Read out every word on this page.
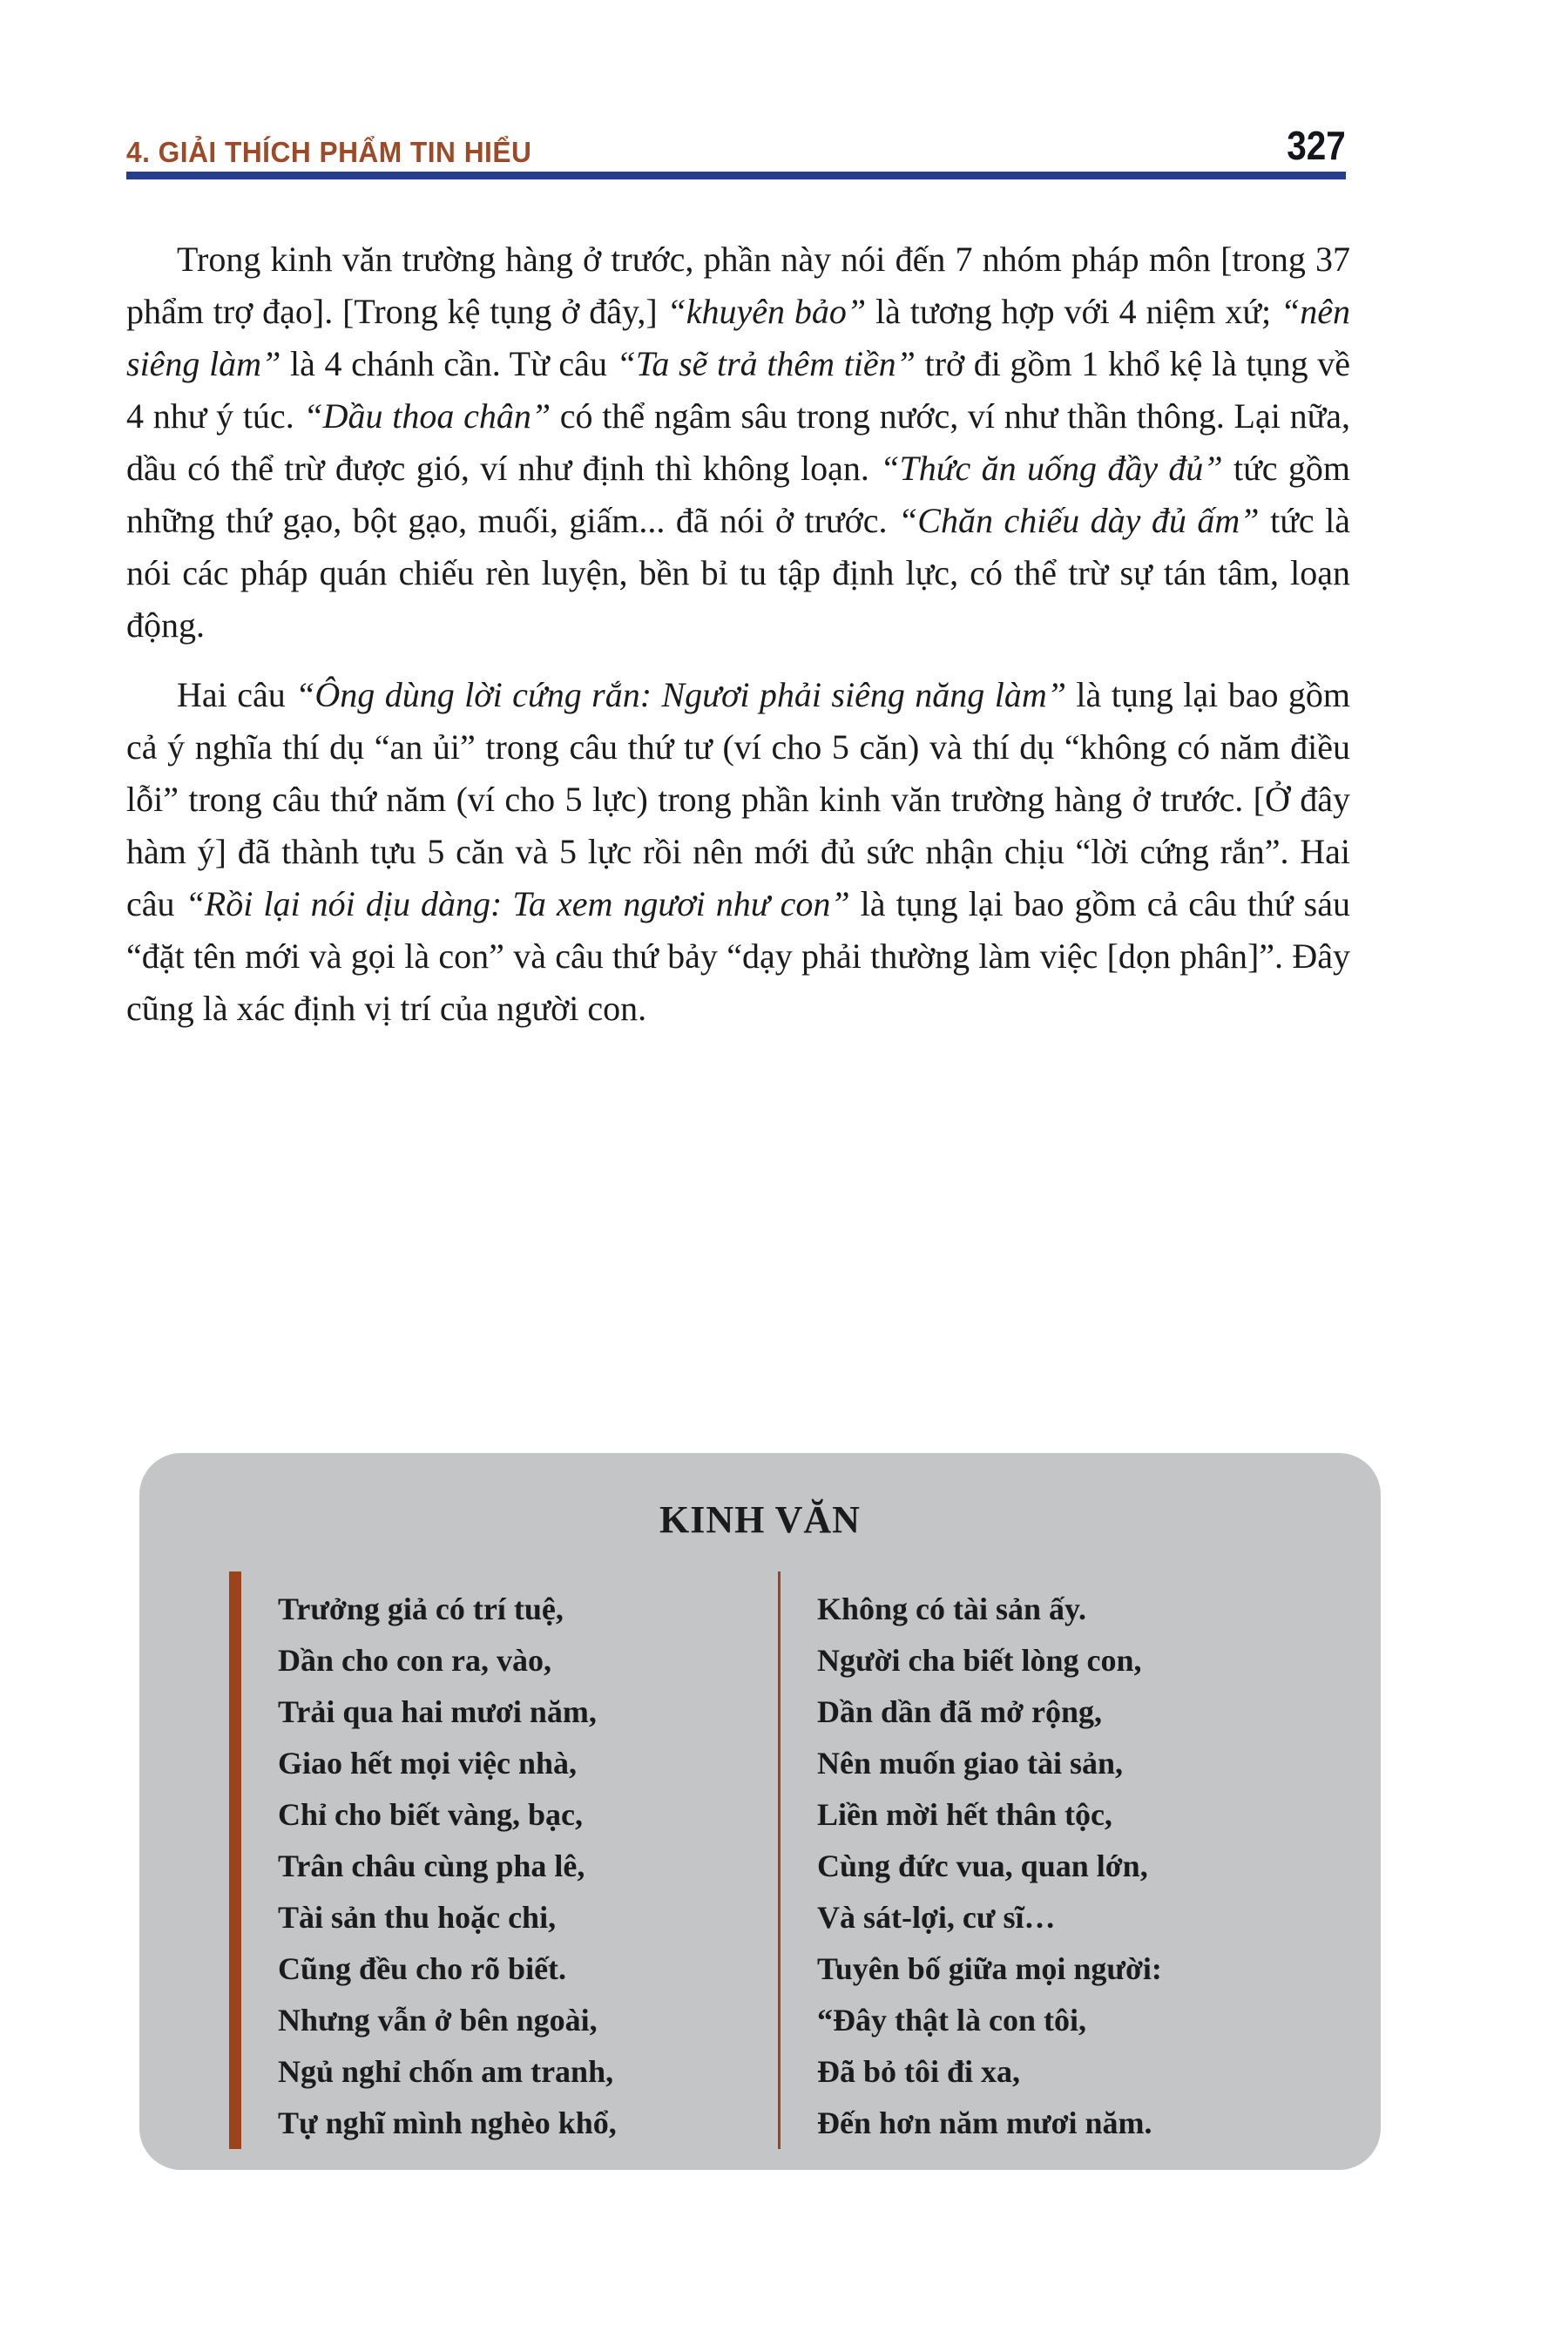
4. GIẢI THÍCH PHẨM TIN HIỂU	327

Trong kinh văn trường hàng ở trước, phần này nói đến 7 nhóm pháp môn [trong 37 phẩm trợ đạo]. [Trong kệ tụng ở đây,] “khuyên bảo” là tương hợp với 4 niệm xứ; “nên siêng làm” là 4 chánh cần. Từ câu “Ta sẽ trả thêm tiền” trở đi gồm 1 khổ kệ là tụng về 4 như ý túc. “Dầu thoa chân” có thể ngâm sâu trong nước, ví như thần thông. Lại nữa, dầu có thể trừ được gió, ví như định thì không loạn. “Thức ăn uống đầy đủ” tức gồm những thứ gạo, bột gạo, muối, giấm... đã nói ở trước. “Chăn chiếu dày đủ ấm” tức là nói các pháp quán chiếu rèn luyện, bền bỉ tu tập định lực, có thể trừ sự tán tâm, loạn động.

Hai câu “Ông dùng lời cứng rắn: Ngươi phải siêng năng làm” là tụng lại bao gồm cả ý nghĩa thí dụ “an ủi” trong câu thứ tư (ví cho 5 căn) và thí dụ “không có năm điều lỗi” trong câu thứ năm (ví cho 5 lực) trong phần kinh văn trường hàng ở trước. [Ở đây hàm ý] đã thành tựu 5 căn và 5 lực rồi nên mới đủ sức nhận chịu “lời cứng rắn”. Hai câu “Rồi lại nói dịu dàng: Ta xem ngươi như con” là tụng lại bao gồm cả câu thứ sáu “đặt tên mới và gọi là con” và câu thứ bảy “dạy phải thường làm việc [dọn phân]”. Đây cũng là xác định vị trí của người con.

KINH VĂN
Trưởng giả có trí tuệ,
Dần cho con ra, vào,
Trải qua hai mươi năm,
Giao hết mọi việc nhà,
Chỉ cho biết vàng, bạc,
Trân châu cùng pha lê,
Tài sản thu hoặc chi,
Cũng đều cho rõ biết.
Nhưng vẫn ở bên ngoài,
Ngủ nghỉ chốn am tranh,
Tự nghĩ mình nghèo khổ,
Không có tài sản ấy.
Người cha biết lòng con,
Dần dần đã mở rộng,
Nên muốn giao tài sản,
Liền mời hết thân tộc,
Cùng đức vua, quan lớn,
Và sát-lợi, cư sĩ…
Tuyên bố giữa mọi người:
“Đây thật là con tôi,
Đã bỏ tôi đi xa,
Đến hơn năm mươi năm.
